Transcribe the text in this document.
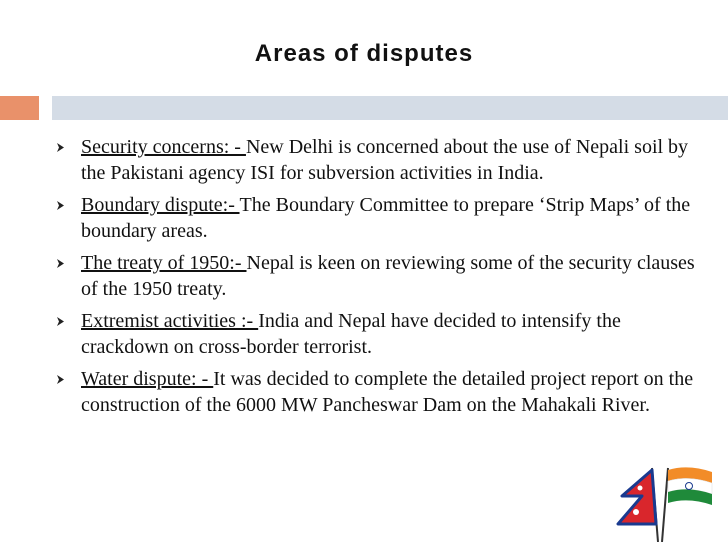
Areas of disputes
Security concerns: - New Delhi is concerned about the use of Nepali soil by the Pakistani agency ISI for subversion activities in India.
Boundary dispute:- The Boundary Committee to prepare ‘Strip Maps’ of the boundary areas.
The treaty of 1950:- Nepal is keen on reviewing some of the security clauses of the 1950 treaty.
Extremist activities :- India and Nepal have decided to intensify the crackdown on cross-border terrorist.
Water dispute: - It was decided to complete the detailed project report on the construction of the 6000 MW Pancheswar Dam on the Mahakali River.
